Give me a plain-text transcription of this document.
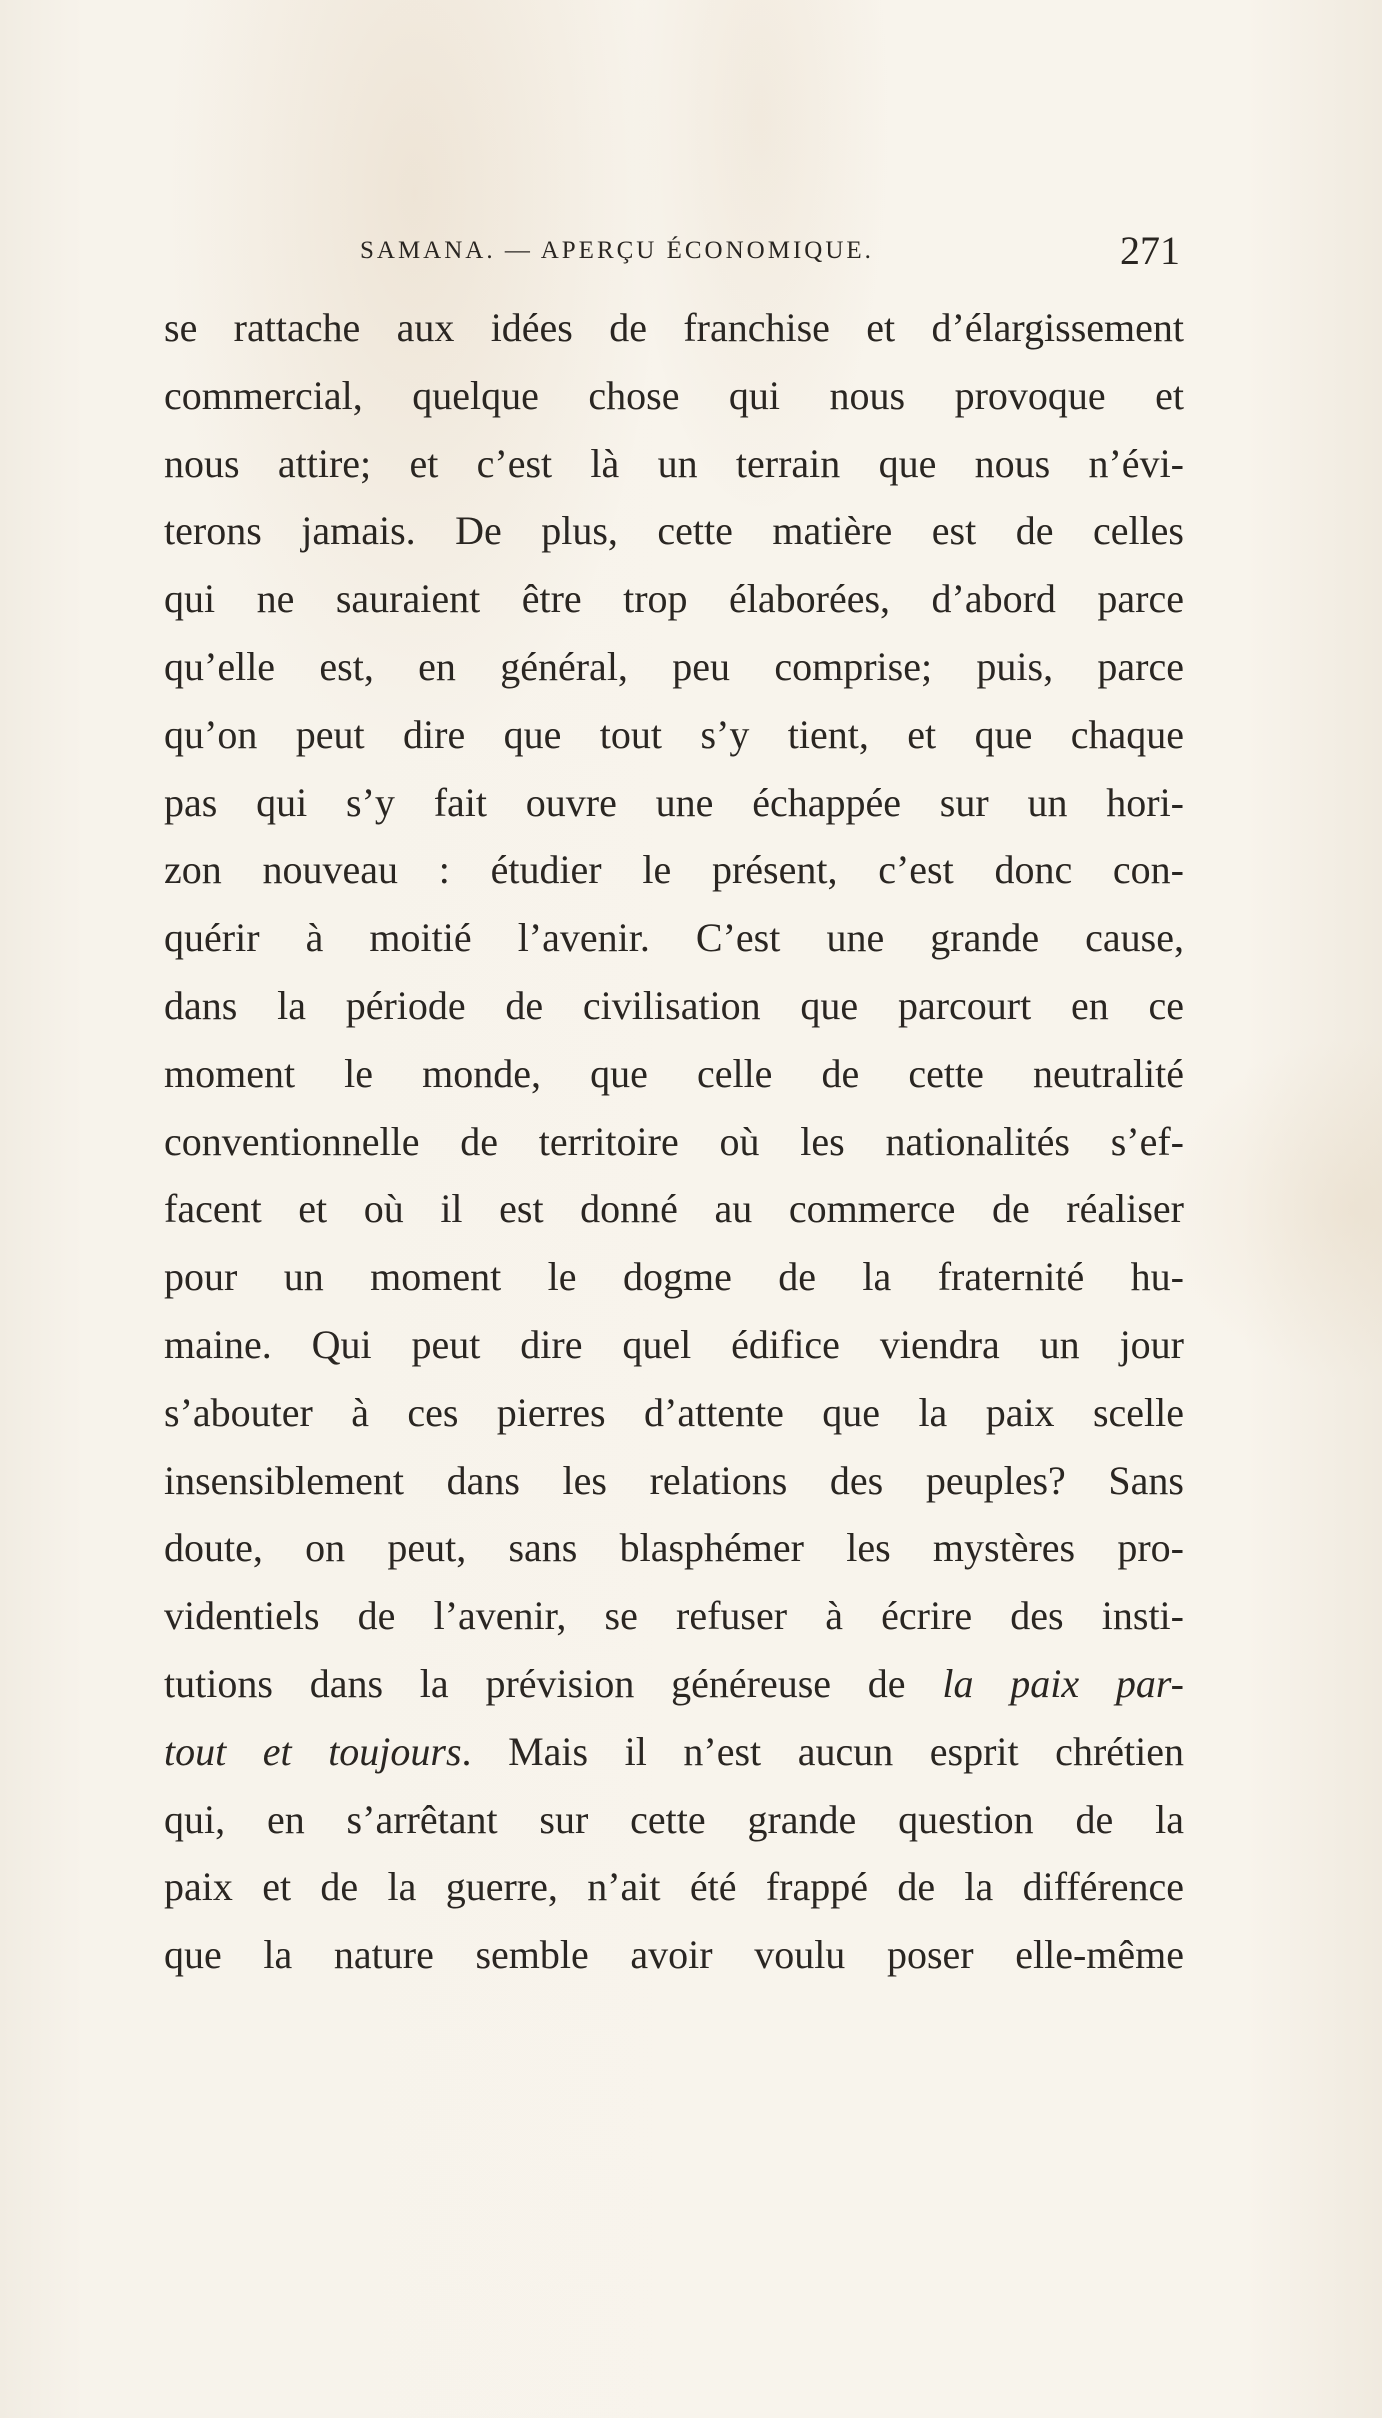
SAMANA. — APERÇU ÉCONOMIQUE.	271
se rattache aux idées de franchise et d’élargissement
commercial, quelque chose qui nous provoque et
nous attire; et c’est là un terrain que nous n’évi-
terons jamais. De plus, cette matière est de celles
qui ne sauraient être trop élaborées, d’abord parce
qu’elle est, en général, peu comprise; puis, parce
qu’on peut dire que tout s’y tient, et que chaque
pas qui s’y fait ouvre une échappée sur un hori-
zon nouveau : étudier le présent, c’est donc con-
quérir à moitié l’avenir. C’est une grande cause,
dans la période de civilisation que parcourt en ce
moment le monde, que celle de cette neutralité
conventionnelle de territoire où les nationalités s’ef-
facent et où il est donné au commerce de réaliser
pour un moment le dogme de la fraternité hu-
maine. Qui peut dire quel édifice viendra un jour
s’abouter à ces pierres d’attente que la paix scelle
insensiblement dans les relations des peuples? Sans
doute, on peut, sans blasphémer les mystères pro-
videntiels de l’avenir, se refuser à écrire des insti-
tutions dans la prévision généreuse de la paix par-
tout et toujours. Mais il n’est aucun esprit chrétien
qui, en s’arrêtant sur cette grande question de la
paix et de la guerre, n’ait été frappé de la différence
que la nature semble avoir voulu poser elle-même
